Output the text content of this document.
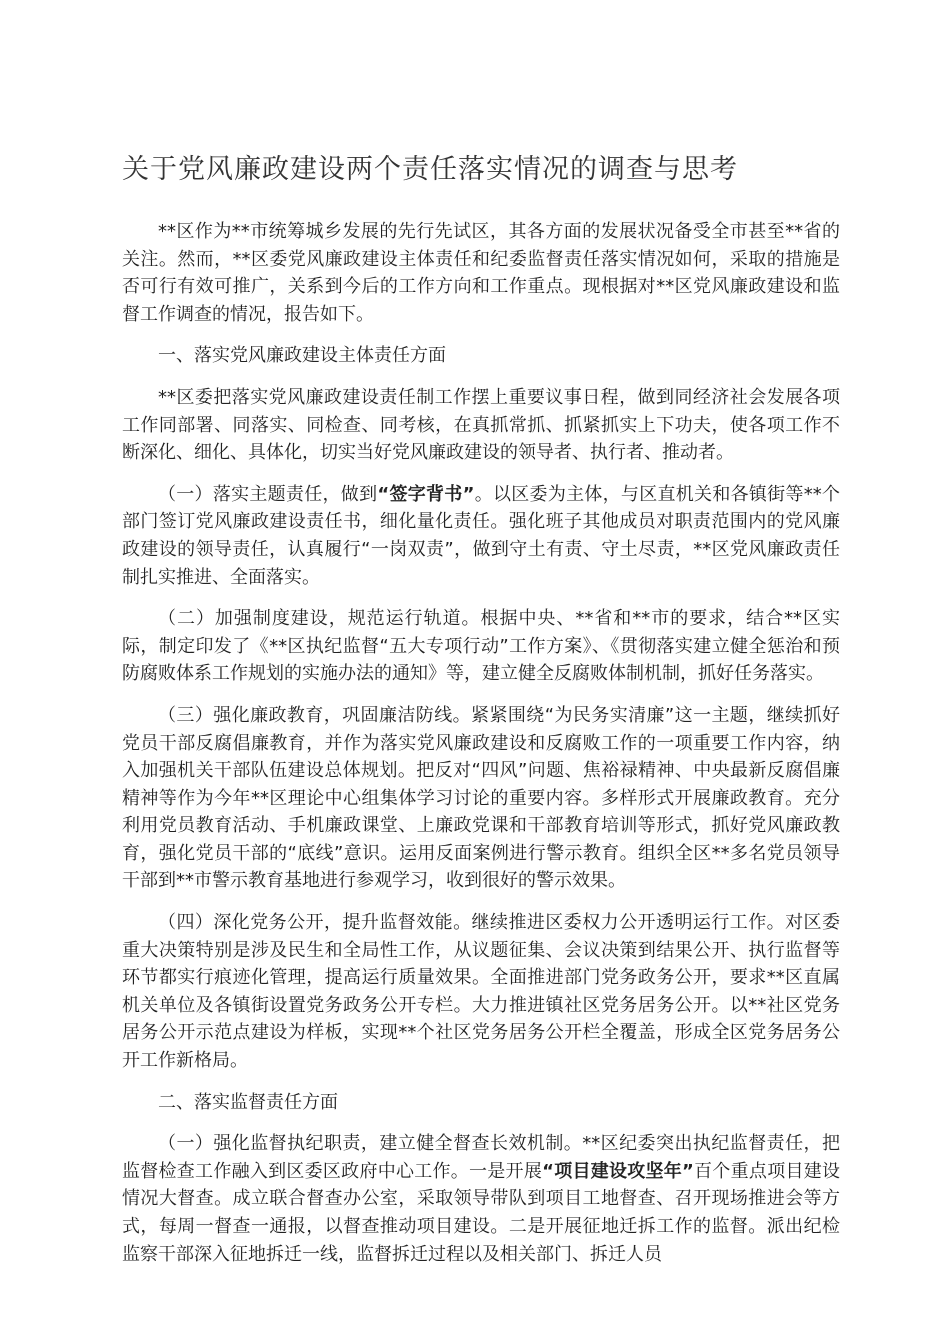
关于党风廉政建设两个责任落实情况的调查与思考

**区作为**市统筹城乡发展的先行先试区，其各方面的发展状况备受全市甚至**省的关注。然而，**区委党风廉政建设主体责任和纪委监督责任落实情况如何，采取的措施是否可行有效可推广，关系到今后的工作方向和工作重点。现根据对**区党风廉政建设和监督工作调查的情况，报告如下。

一、落实党风廉政建设主体责任方面

**区委把落实党风廉政建设责任制工作摆上重要议事日程，做到同经济社会发展各项工作同部署、同落实、同检查、同考核，在真抓常抓、抓紧抓实上下功夫，使各项工作不断深化、细化、具体化，切实当好党风廉政建设的领导者、执行者、推动者。

（一）落实主题责任，做到“签字背书”。以区委为主体，与区直机关和各镇街等**个部门签订党风廉政建设责任书，细化量化责任。强化班子其他成员对职责范围内的党风廉政建设的领导责任，认真履行“一岗双责”，做到守土有责、守土尽责，**区党风廉政责任制扎实推进、全面落实。

（二）加强制度建设，规范运行轨道。根据中央、**省和**市的要求，结合**区实际，制定印发了《**区执纪监督“五大专项行动”工作方案》、《贯彻落实建立健全惩治和预防腐败体系工作规划的实施办法的通知》等，建立健全反腐败体制机制，抓好任务落实。

（三）强化廉政教育，巩固廉洁防线。紧紧围绕“为民务实清廉”这一主题，继续抓好党员干部反腐倡廉教育，并作为落实党风廉政建设和反腐败工作的一项重要工作内容，纳入加强机关干部队伍建设总体规划。把反对“四风”问题、焦裕禄精神、中央最新反腐倡廉精神等作为今年**区理论中心组集体学习讨论的重要内容。多样形式开展廉政教育。充分利用党员教育活动、手机廉政课堂、上廉政党课和干部教育培训等形式，抓好党风廉政教育，强化党员干部的“底线”意识。运用反面案例进行警示教育。组织全区**多名党员领导干部到**市警示教育基地进行参观学习，收到很好的警示效果。

（四）深化党务公开，提升监督效能。继续推进区委权力公开透明运行工作。对区委重大决策特别是涉及民生和全局性工作，从议题征集、会议决策到结果公开、执行监督等环节都实行痕迹化管理，提高运行质量效果。全面推进部门党务政务公开，要求**区直属机关单位及各镇街设置党务政务公开专栏。大力推进镇社区党务居务公开。以**社区党务居务公开示范点建设为样板，实现**个社区党务居务公开栏全覆盖，形成全区党务居务公开工作新格局。

二、落实监督责任方面

（一）强化监督执纪职责，建立健全督查长效机制。**区纪委突出执纪监督责任，把监督检查工作融入到区委区政府中心工作。一是开展“项目建设攻坚年”百个重点项目建设情况大督查。成立联合督查办公室，采取领导带队到项目工地督查、召开现场推进会等方式，每周一督查一通报，以督查推动项目建设。二是开展征地迁拆工作的监督。派出纪检监察干部深入征地拆迁一线，监督拆迁过程以及相关部门、拆迁人员
